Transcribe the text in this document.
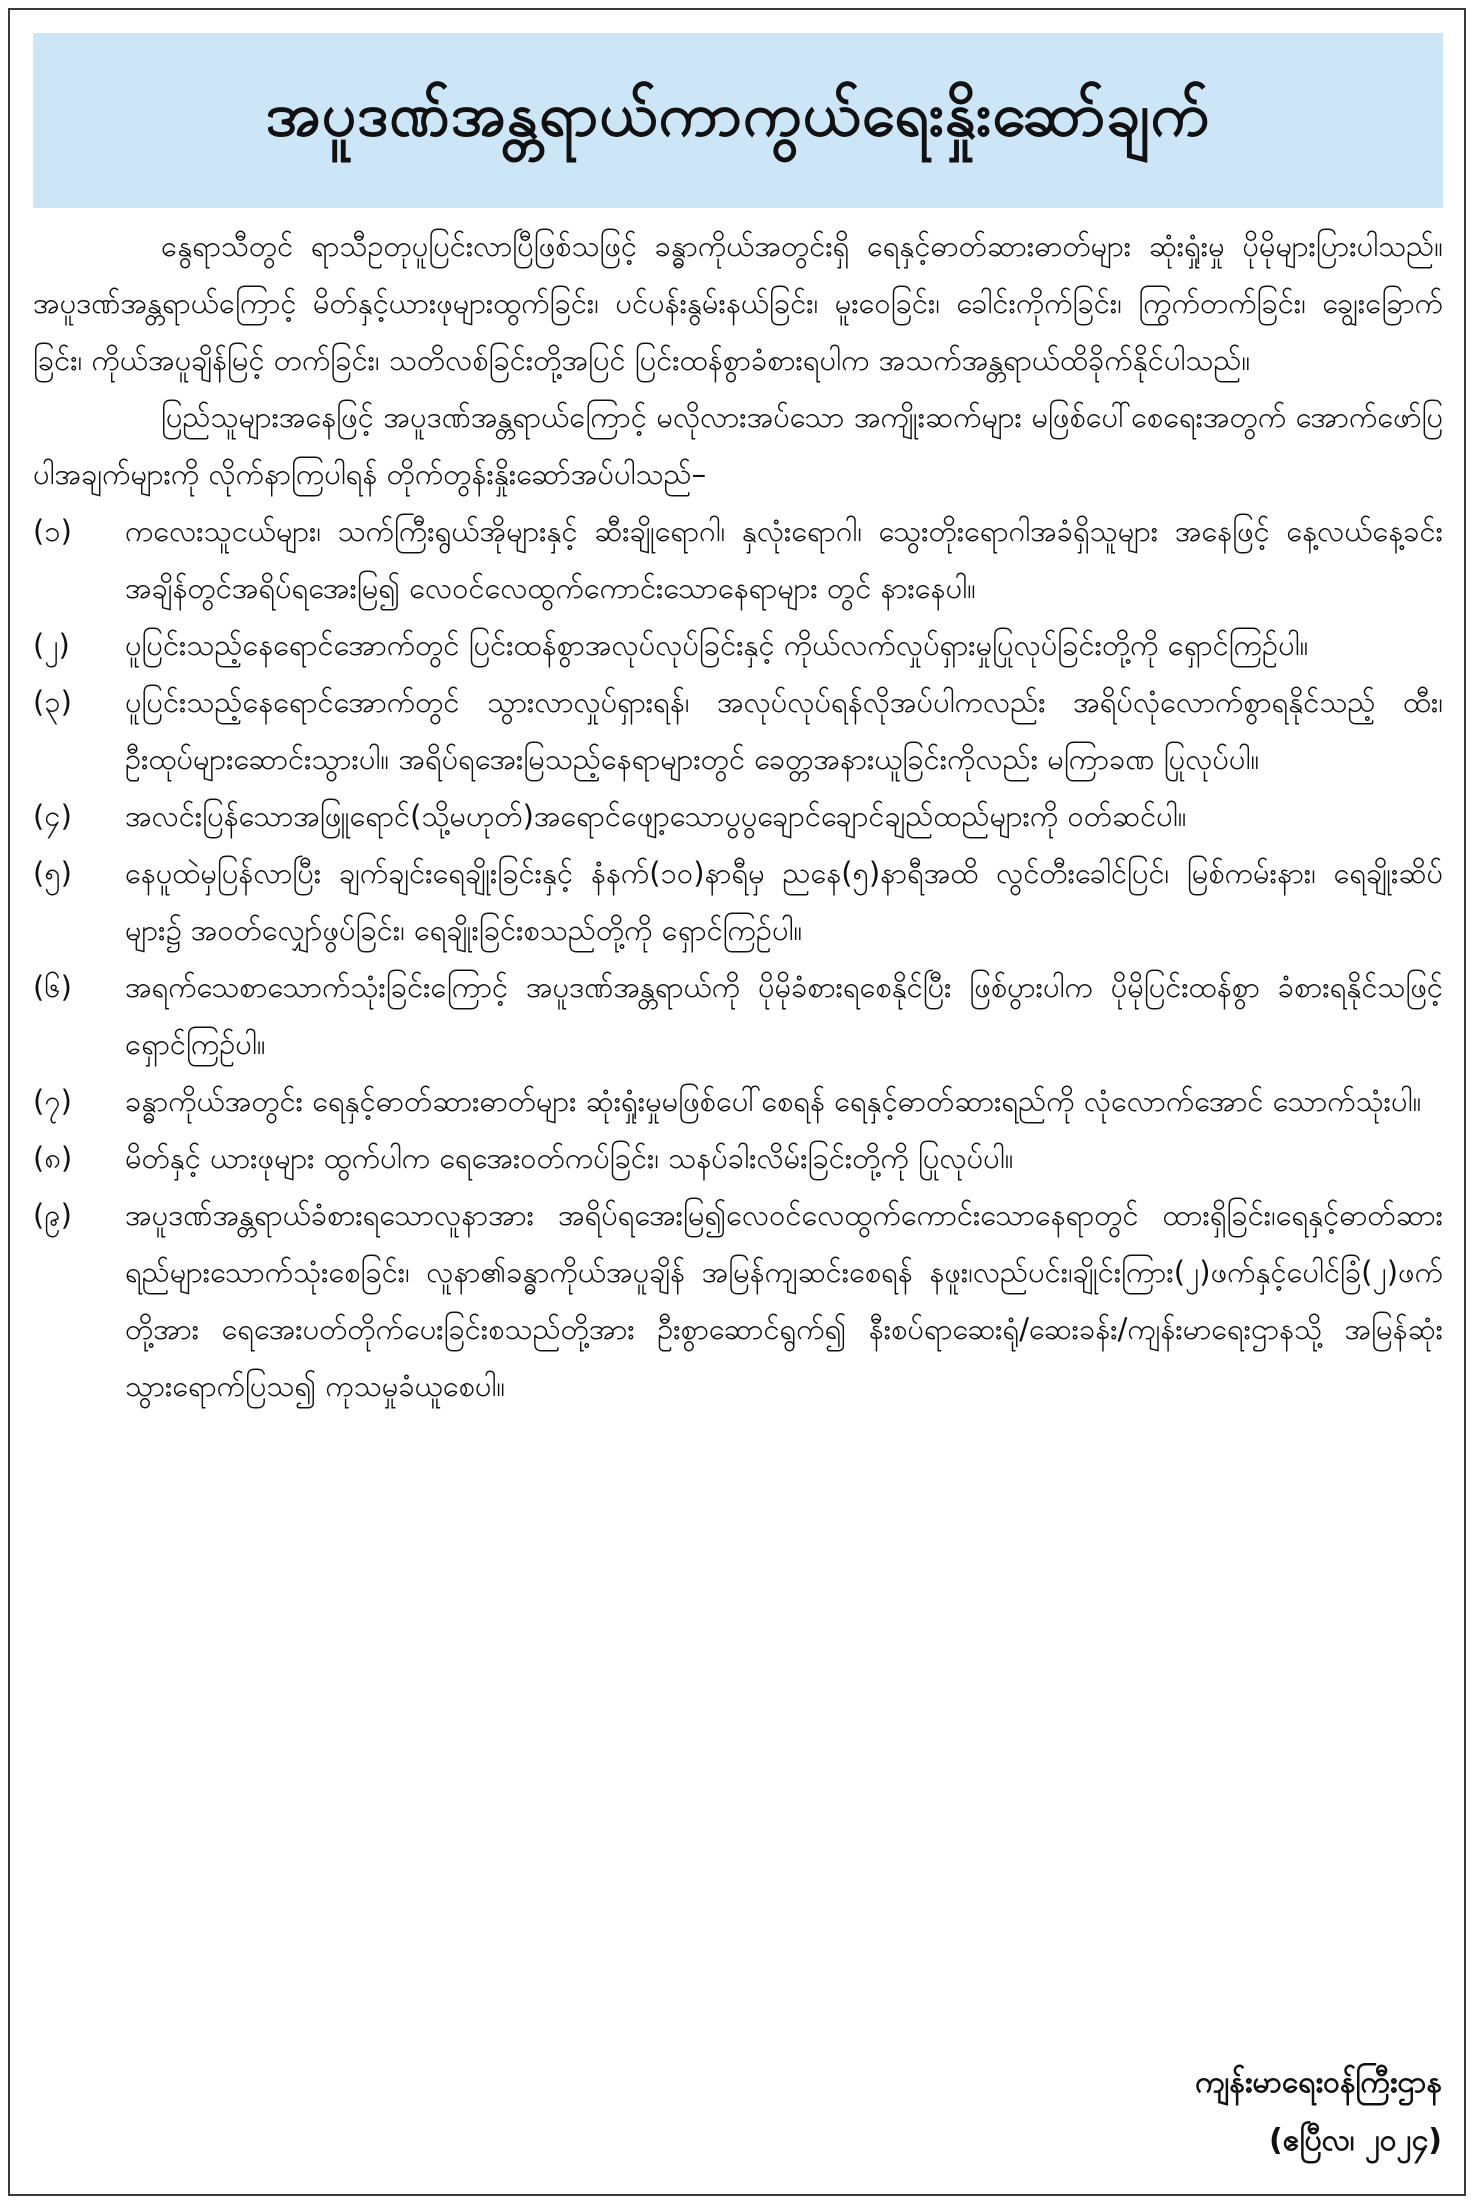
အပူဒဏ်အန္တရာယ်ကာကွယ်ရေးနှိုးဆော်ချက်

နွေရာသီတွင် ရာသီဥတုပူပြင်းလာပြီဖြစ်သဖြင့် ခန္ဓာကိုယ်အတွင်းရှိ ရေနှင့်ဓာတ်ဆားဓာတ်များ ဆုံးရှုံးမှု ပိုမိုများပြားပါသည်။ အပူဒဏ်အန္တရာယ်ကြောင့် မိတ်နှင့်ယားဖုများထွက်ခြင်း၊ ပင်ပန်းနွမ်းနယ်ခြင်း၊ မူးဝေခြင်း၊ ခေါင်းကိုက်ခြင်း၊ ကြွက်တက်ခြင်း၊ ချွေးခြောက်ခြင်း၊ ကိုယ်အပူချိန်မြင့် တက်ခြင်း၊ သတိလစ်ခြင်းတို့အပြင် ပြင်းထန်စွာခံစားရပါက အသက်အန္တရာယ်ထိခိုက်နိုင်ပါသည်။

ပြည်သူများအနေဖြင့် အပူဒဏ်အန္တရာယ်ကြောင့် မလိုလားအပ်သော အကျိုးဆက်များ မဖြစ်ပေါ်စေရေးအတွက် အောက်ဖော်ပြပါအချက်များကို လိုက်နာကြပါရန် တိုက်တွန်းနှိုးဆော်အပ်ပါသည်–

(၁)	ကလေးသူငယ်များ၊ သက်ကြီးရွယ်အိုများနှင့် ဆီးချိုရောဂါ၊ နှလုံးရောဂါ၊ သွေးတိုးရောဂါအခံရှိသူများ အနေဖြင့် နေ့လယ်နေ့ခင်းအချိန်တွင်အရိပ်ရအေးမြ၍ လေဝင်လေထွက်ကောင်းသောနေရာများ တွင် နားနေပါ။
(၂)	ပူပြင်းသည့်နေရောင်အောက်တွင် ပြင်းထန်စွာအလုပ်လုပ်ခြင်းနှင့် ကိုယ်လက်လှုပ်ရှားမှုပြုလုပ်ခြင်းတို့ကို ရှောင်ကြဉ်ပါ။
(၃)	ပူပြင်းသည့်နေရောင်အောက်တွင် သွားလာလှုပ်ရှားရန်၊ အလုပ်လုပ်ရန်လိုအပ်ပါကလည်း အရိပ်လုံလောက်စွာရနိုင်သည့် ထီး၊ ဦးထုပ်များဆောင်းသွားပါ။ အရိပ်ရအေးမြသည့်နေရာများတွင် ခေတ္တအနားယူခြင်းကိုလည်း မကြာခဏ ပြုလုပ်ပါ။
(၄)	အလင်းပြန်သောအဖြူရောင်(သို့မဟုတ်)အရောင်ဖျော့သောပွပွချောင်ချောင်ချည်ထည်များကို ဝတ်ဆင်ပါ။
(၅)	နေပူထဲမှပြန်လာပြီး ချက်ချင်းရေချိုးခြင်းနှင့် နံနက်(၁၀)နာရီမှ ညနေ(၅)နာရီအထိ လွင်တီးခေါင်ပြင်၊ မြစ်ကမ်းနား၊ ရေချိုးဆိပ်များ၌ အဝတ်လျှော်ဖွပ်ခြင်း၊ ရေချိုးခြင်းစသည်တို့ကို ရှောင်ကြဉ်ပါ။
(၆)	အရက်သေစာသောက်သုံးခြင်းကြောင့် အပူဒဏ်အန္တရာယ်ကို ပိုမိုခံစားရစေနိုင်ပြီး ဖြစ်ပွားပါက ပိုမိုပြင်းထန်စွာ ခံစားရနိုင်သဖြင့် ရှောင်ကြဉ်ပါ။
(၇)	ခန္ဓာကိုယ်အတွင်း ရေနှင့်ဓာတ်ဆားဓာတ်များ ဆုံးရှုံးမှုမဖြစ်ပေါ်စေရန် ရေနှင့်ဓာတ်ဆားရည်ကို လုံလောက်အောင် သောက်သုံးပါ။
(၈)	မိတ်နှင့် ယားဖုများ ထွက်ပါက ရေအေးဝတ်ကပ်ခြင်း၊ သနပ်ခါးလိမ်းခြင်းတို့ကို ပြုလုပ်ပါ။
(၉)	အပူဒဏ်အန္တရာယ်ခံစားရသောလူနာအား အရိပ်ရအေးမြ၍လေဝင်လေထွက်ကောင်းသောနေရာတွင် ထားရှိခြင်း၊ရေနှင့်ဓာတ်ဆားရည်များသောက်သုံးစေခြင်း၊ လူနာ၏ခန္ဓာကိုယ်အပူချိန် အမြန်ကျဆင်းစေရန် နဖူး၊လည်ပင်း၊ချိုင်းကြား(၂)ဖက်နှင့်ပေါင်ခြံ(၂)ဖက်တို့အား ရေအေးပတ်တိုက်ပေးခြင်းစသည်တို့အား ဦးစွာဆောင်ရွက်၍ နီးစပ်ရာဆေးရုံ/ဆေးခန်း/ကျန်းမာရေးဌာနသို့ အမြန်ဆုံးသွားရောက်ပြသ၍ ကုသမှုခံယူစေပါ။
ကျန်းမာရေးဝန်ကြီးဌာန
(ဧပြီလ၊ ၂၀၂၄)
